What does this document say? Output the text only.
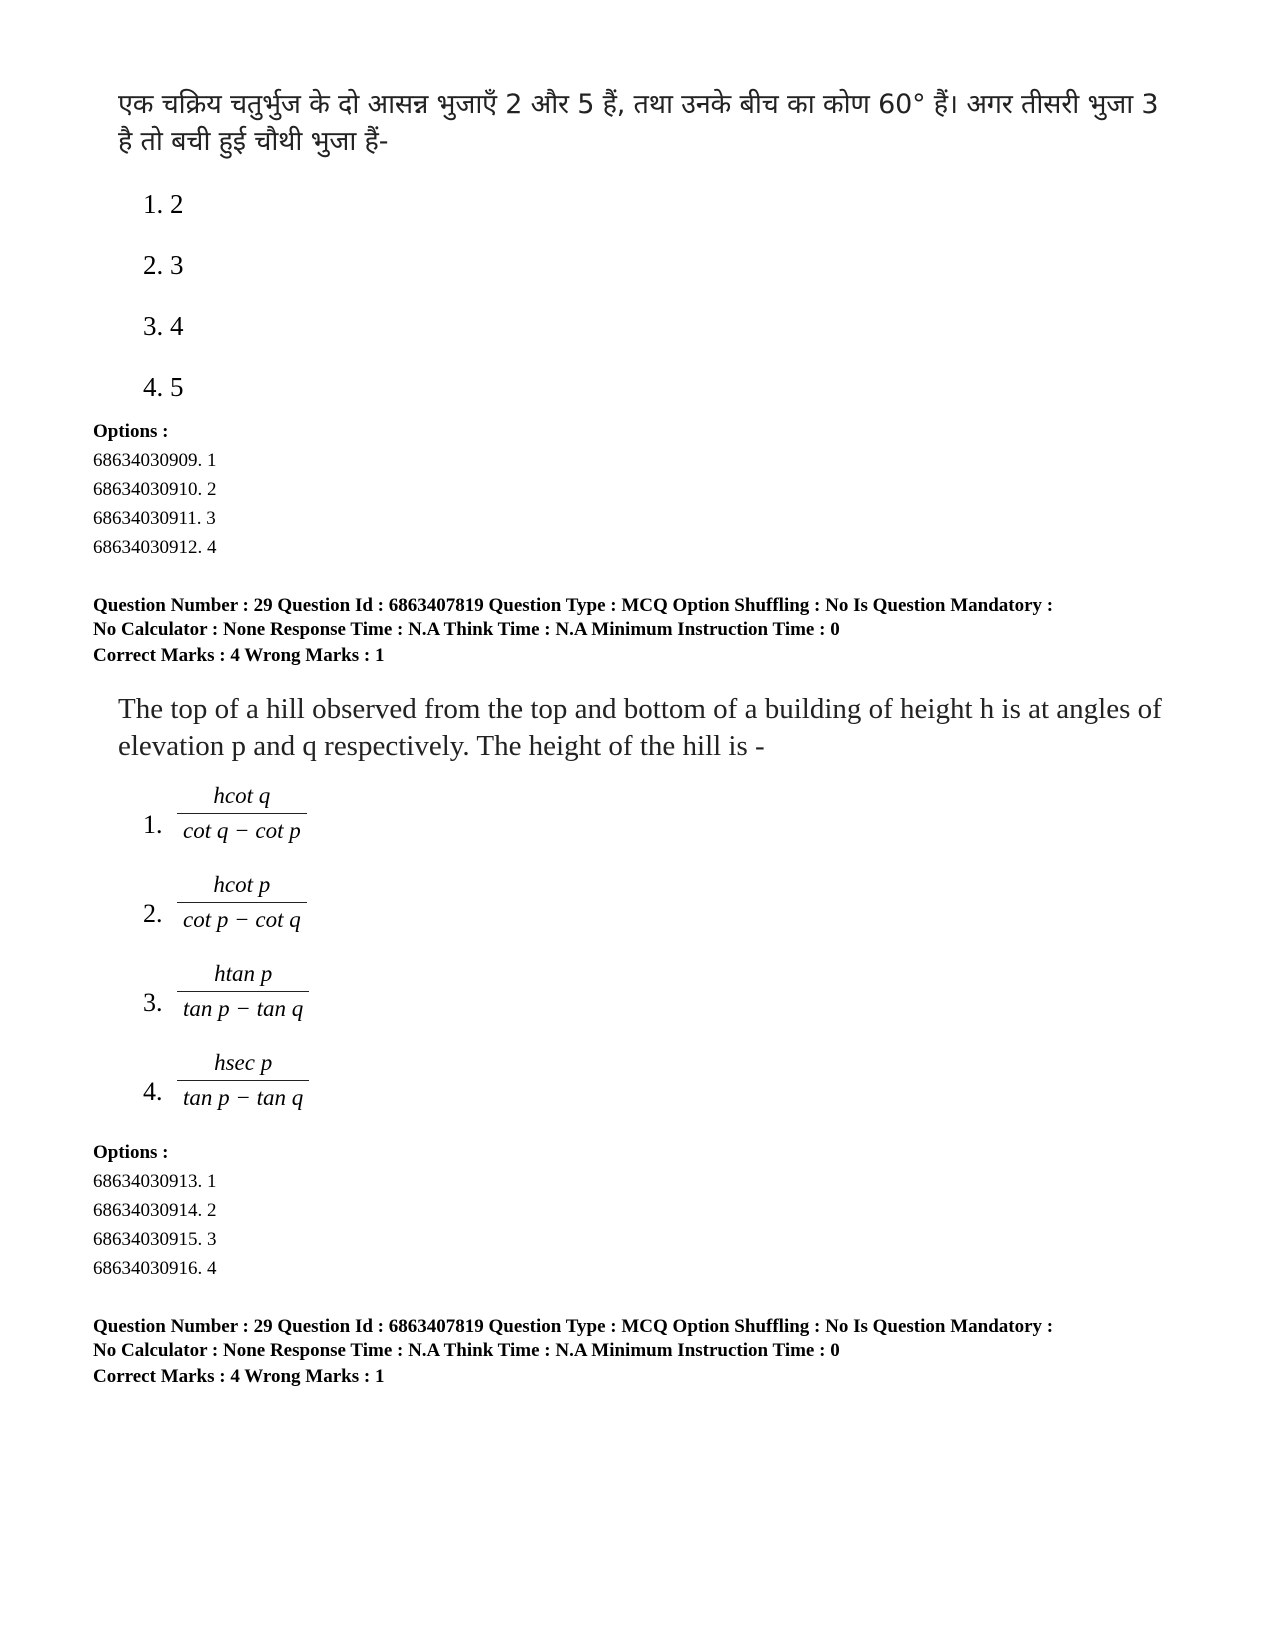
एक चक्रिय चतुर्भुज के दो आसन्न भुजाएँ 2 और 5 हैं, तथा उनके बीच का कोण 60° हैं। अगर तीसरी भुजा 3 है तो बची हुई चौथी भुजा हैं-
1. 2
2. 3
3. 4
4. 5
Options :
68634030909. 1
68634030910. 2
68634030911. 3
68634030912. 4
Question Number : 29 Question Id : 6863407819 Question Type : MCQ Option Shuffling : No Is Question Mandatory :
No Calculator : None Response Time : N.A Think Time : N.A Minimum Instruction Time : 0
Correct Marks : 4 Wrong Marks : 1
The top of a hill observed from the top and bottom of a building of height h is at angles of elevation p and q respectively. The height of the hill is -
1.
hcot q
cot q − cot p
2.
hcot p
cot p − cot q
3.
htan p
tan p − tan q
4.
hsec p
tan p − tan q
Options :
68634030913. 1
68634030914. 2
68634030915. 3
68634030916. 4
Question Number : 29 Question Id : 6863407819 Question Type : MCQ Option Shuffling : No Is Question Mandatory :
No Calculator : None Response Time : N.A Think Time : N.A Minimum Instruction Time : 0
Correct Marks : 4 Wrong Marks : 1
